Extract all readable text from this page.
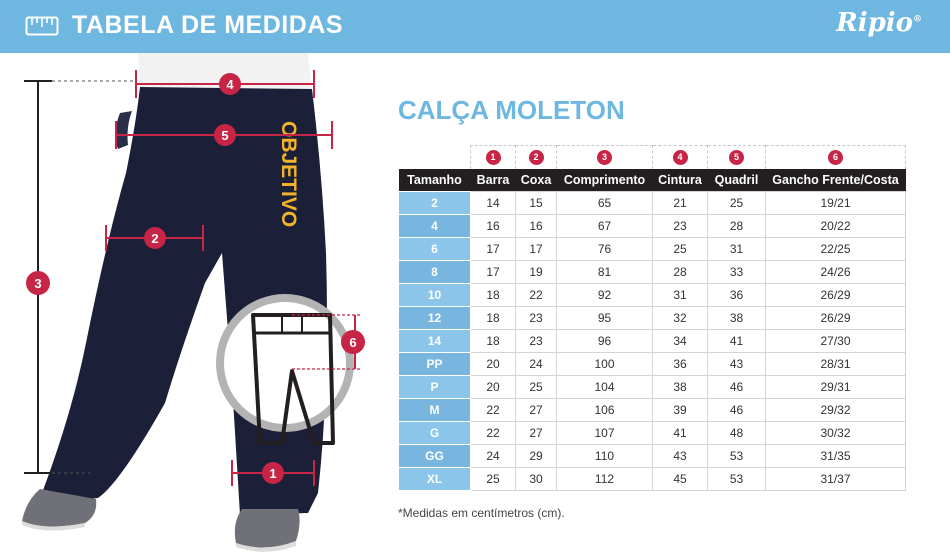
TABELA DE MEDIDAS	Ripio®
OBJETIVO
4
5
2
3
6
1
CALÇA MOLETON
	1	2	3	4	5	6
Tamanho	Barra	Coxa	Comprimento	Cintura	Quadril	Gancho Frente/Costa
2	14	15	65	21	25	19/21
4	16	16	67	23	28	20/22
6	17	17	76	25	31	22/25
8	17	19	81	28	33	24/26
10	18	22	92	31	36	26/29
12	18	23	95	32	38	26/29
14	18	23	96	34	41	27/30
PP	20	24	100	36	43	28/31
P	20	25	104	38	46	29/31
M	22	27	106	39	46	29/32
G	22	27	107	41	48	30/32
GG	24	29	110	43	53	31/35
XL	25	30	112	45	53	31/37
*Medidas em centímetros (cm).
